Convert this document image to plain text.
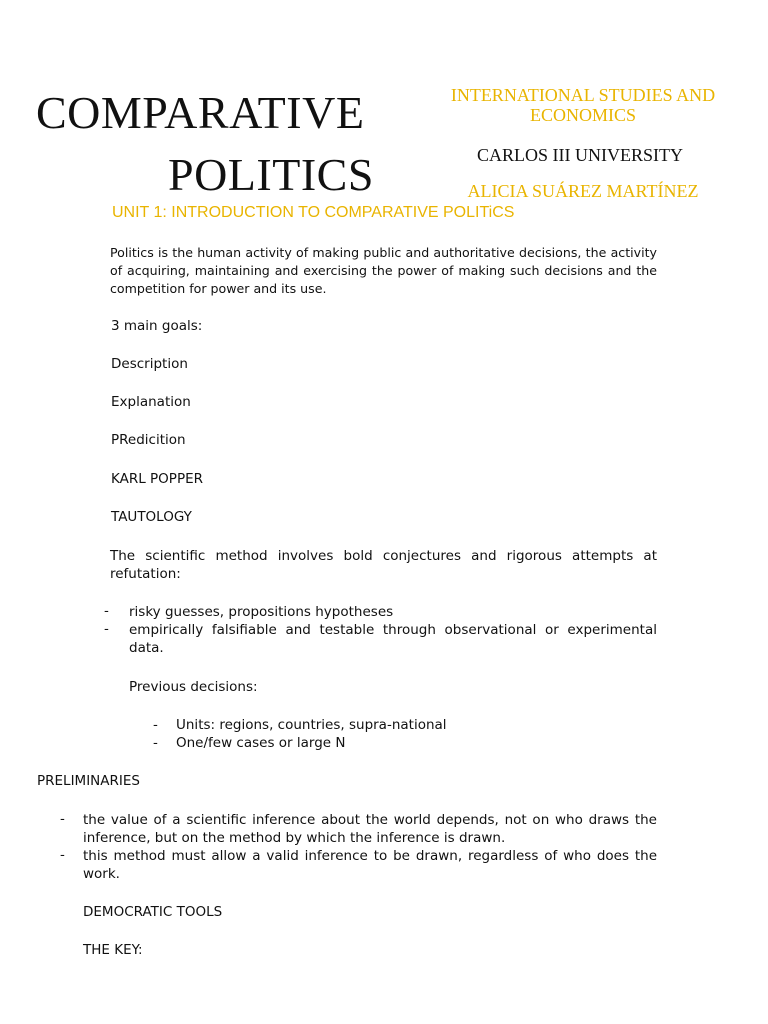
COMPARATIVE
POLITICS
INTERNATIONAL STUDIES AND ECONOMICS
CARLOS III UNIVERSITY
ALICIA SUÁREZ MARTÍNEZ
UNIT 1: INTRODUCTION TO COMPARATIVE POLITiCS
Politics is the human activity of making public and authoritative decisions, the activity of acquiring, maintaining and exercising the power of making such decisions and the competition for power and its use.
3 main goals:
Description
Explanation
PRedicition
KARL POPPER
TAUTOLOGY
The scientific method involves bold conjectures and rigorous attempts at refutation:
- risky guesses, propositions hypotheses
- empirically falsifiable and testable through observational or experimental data.
Previous decisions:
- Units: regions, countries, supra-national
- One/few cases or large N
PRELIMINARIES
- the value of a scientific inference about the world depends, not on who draws the inference, but on the method by which the inference is drawn.
- this method must allow a valid inference to be drawn, regardless of who does the work.
DEMOCRATIC TOOLS
THE KEY:
